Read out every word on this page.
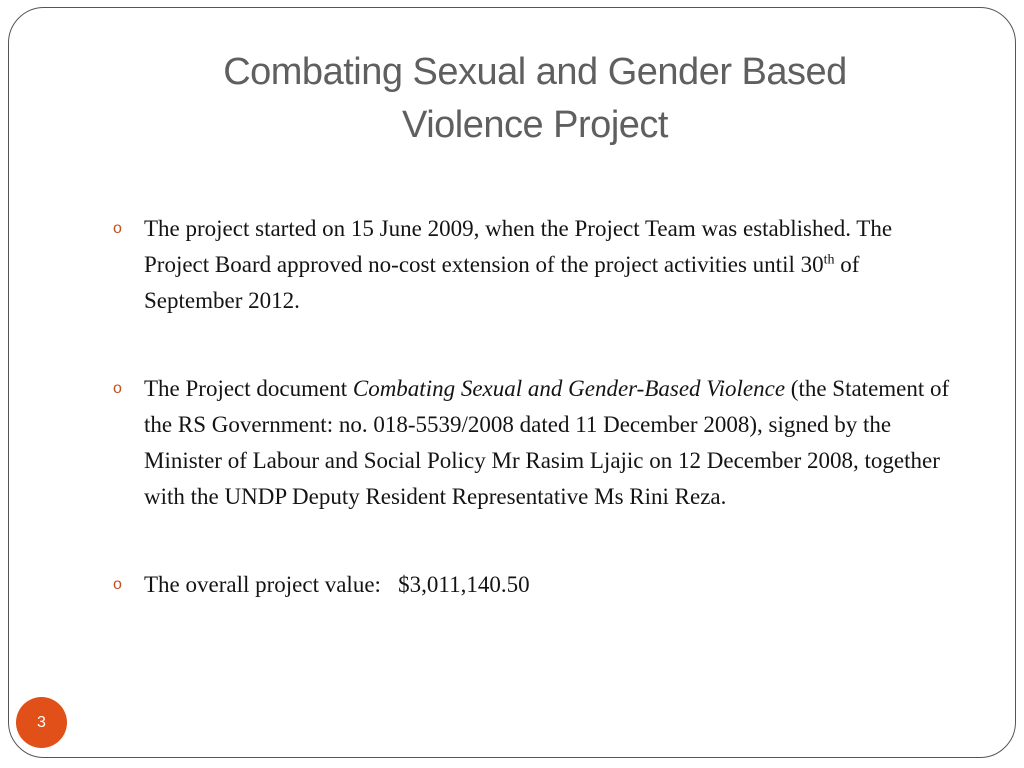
Combating Sexual and Gender Based
Violence Project
o The project started on 15 June 2009, when the Project Team was established. The Project Board approved no-cost extension of the project activities until 30th of September 2012.
o The Project document Combating Sexual and Gender-Based Violence (the Statement of the RS Government: no. 018-5539/2008 dated 11 December 2008), signed by the Minister of Labour and Social Policy Mr Rasim Ljajic on 12 December 2008, together with the UNDP Deputy Resident Representative Ms Rini Reza.
o The overall project value: $3,011,140.50
3
